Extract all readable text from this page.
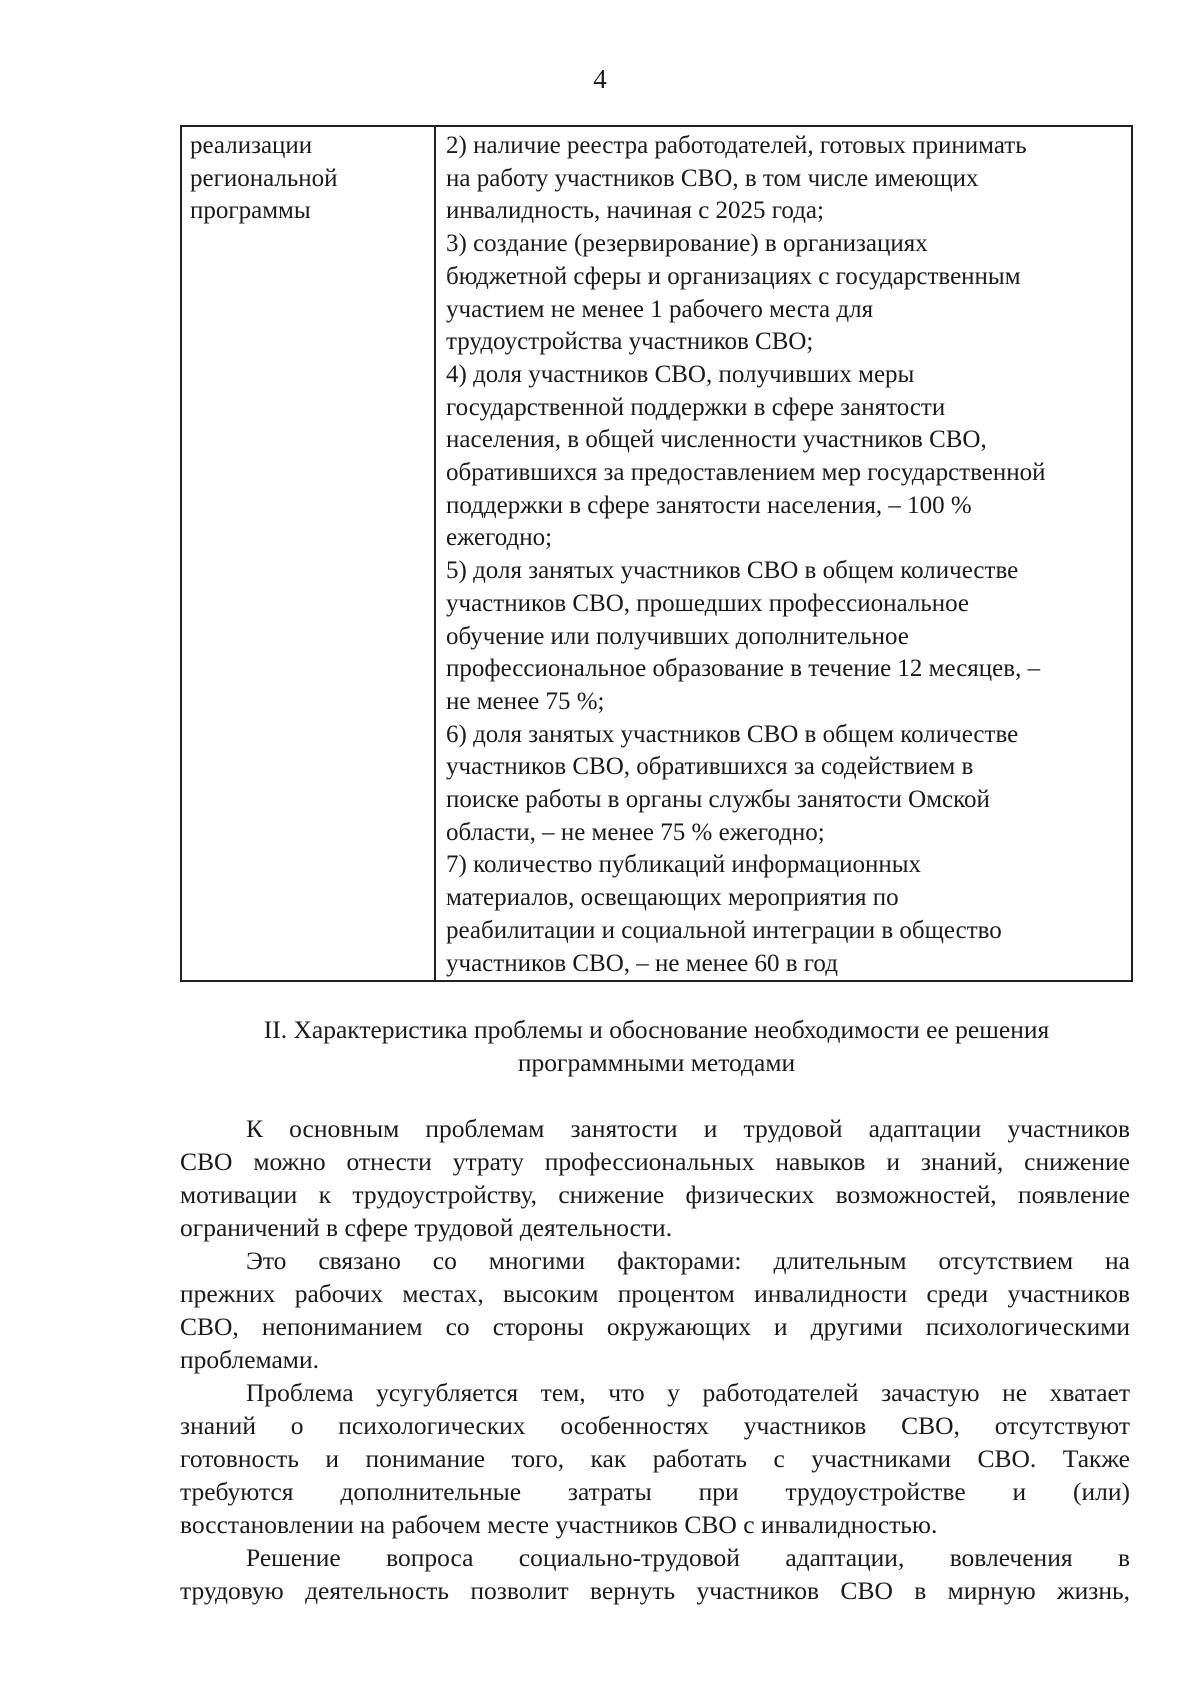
4
реализации
региональной
программы
2) наличие реестра работодателей, готовых принимать
на работу участников СВО, в том числе имеющих
инвалидность, начиная с 2025 года;
3) создание (резервирование) в организациях
бюджетной сферы и организациях с государственным
участием не менее 1 рабочего места для
трудоустройства участников СВО;
4) доля участников СВО, получивших меры
государственной поддержки в сфере занятости
населения, в общей численности участников СВО,
обратившихся за предоставлением мер государственной
поддержки в сфере занятости населения, – 100 %
ежегодно;
5) доля занятых участников СВО в общем количестве
участников СВО, прошедших профессиональное
обучение или получивших дополнительное
профессиональное образование в течение 12 месяцев, –
не менее 75 %;
6) доля занятых участников СВО в общем количестве
участников СВО, обратившихся за содействием в
поиске работы в органы службы занятости Омской
области, – не менее 75 % ежегодно;
7) количество публикаций информационных
материалов, освещающих мероприятия по
реабилитации и социальной интеграции в общество
участников СВО, – не менее 60 в год
II. Характеристика проблемы и обоснование необходимости ее решения
программными методами

К основным проблемам занятости и трудовой адаптации участников
СВО можно отнести утрату профессиональных навыков и знаний, снижение
мотивации к трудоустройству, снижение физических возможностей, появление
ограничений в сфере трудовой деятельности.

Это связано со многими факторами: длительным отсутствием на
прежних рабочих местах, высоким процентом инвалидности среди участников
СВО, непониманием со стороны окружающих и другими психологическими
проблемами.

Проблема усугубляется тем, что у работодателей зачастую не хватает
знаний о психологических особенностях участников СВО, отсутствуют
готовность и понимание того, как работать с участниками СВО. Также
требуются дополнительные затраты при трудоустройстве и (или)
восстановлении на рабочем месте участников СВО с инвалидностью.

Решение вопроса социально-трудовой адаптации, вовлечения в
трудовую деятельность позволит вернуть участников СВО в мирную жизнь,
